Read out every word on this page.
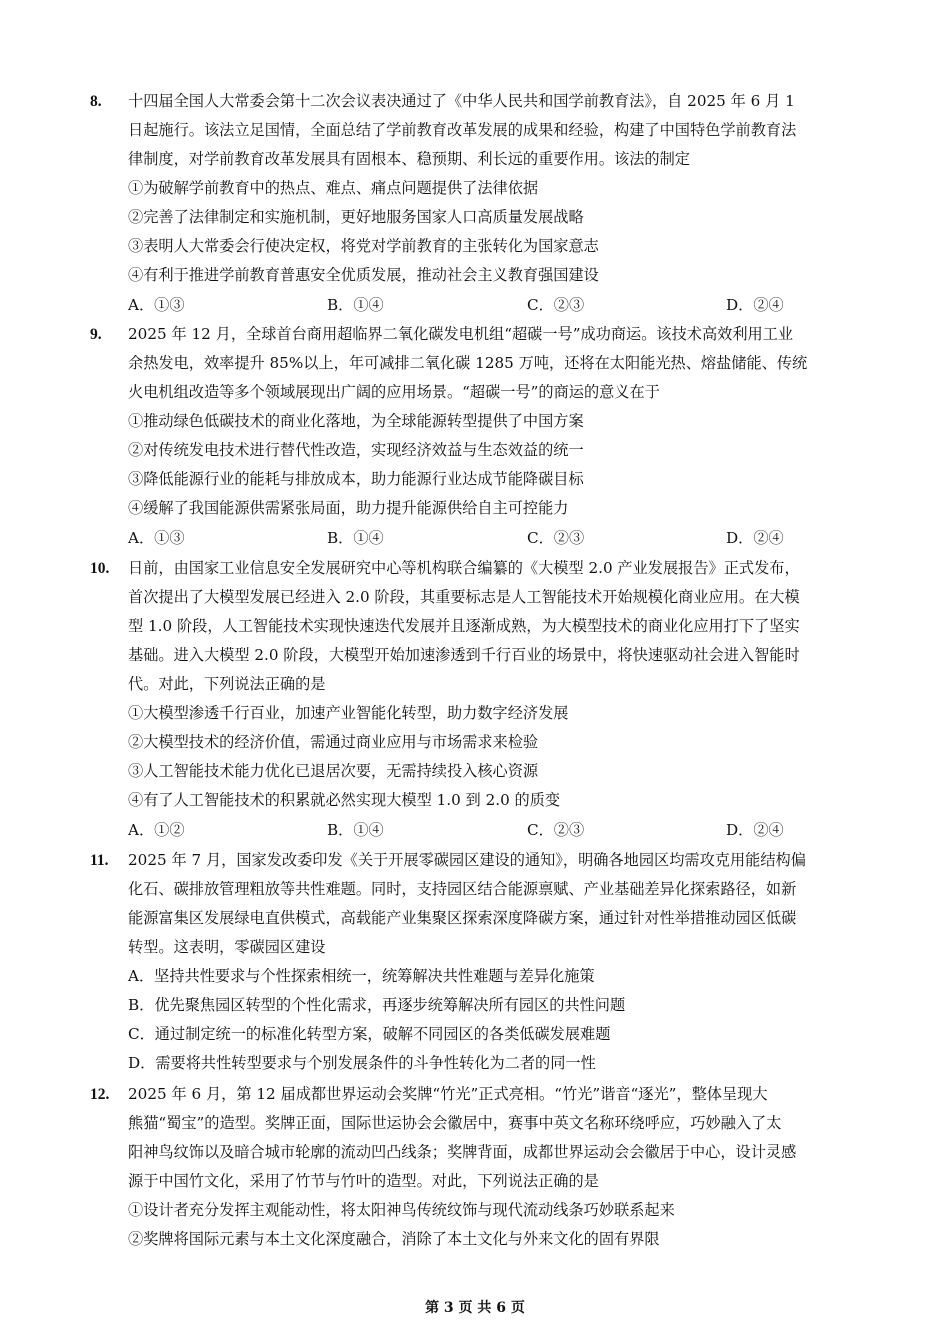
8. 十四届全国人大常委会第十二次会议表决通过了《中华人民共和国学前教育法》，自 2025 年 6 月 1
日起施行。该法立足国情，全面总结了学前教育改革发展的成果和经验，构建了中国特色学前教育法
律制度，对学前教育改革发展具有固根本、稳预期、利长远的重要作用。该法的制定
①为破解学前教育中的热点、难点、痛点问题提供了法律依据
②完善了法律制定和实施机制，更好地服务国家人口高质量发展战略
③表明人大常委会行使决定权，将党对学前教育的主张转化为国家意志
④有利于推进学前教育普惠安全优质发展，推动社会主义教育强国建设
A．①③	B．①④	C．②③	D．②④
9. 2025 年 12 月，全球首台商用超临界二氧化碳发电机组“超碳一号”成功商运。该技术高效利用工业
余热发电，效率提升 85%以上，年可减排二氧化碳 1285 万吨，还将在太阳能光热、熔盐储能、传统
火电机组改造等多个领域展现出广阔的应用场景。“超碳一号”的商运的意义在于
①推动绿色低碳技术的商业化落地，为全球能源转型提供了中国方案
②对传统发电技术进行替代性改造，实现经济效益与生态效益的统一
③降低能源行业的能耗与排放成本，助力能源行业达成节能降碳目标
④缓解了我国能源供需紧张局面，助力提升能源供给自主可控能力
A．①③	B．①④	C．②③	D．②④
10. 日前，由国家工业信息安全发展研究中心等机构联合编纂的《大模型 2.0 产业发展报告》正式发布，
首次提出了大模型发展已经进入 2.0 阶段，其重要标志是人工智能技术开始规模化商业应用。在大模
型 1.0 阶段，人工智能技术实现快速迭代发展并且逐渐成熟，为大模型技术的商业化应用打下了坚实
基础。进入大模型 2.0 阶段，大模型开始加速渗透到千行百业的场景中，将快速驱动社会进入智能时
代。对此，下列说法正确的是
①大模型渗透千行百业，加速产业智能化转型，助力数字经济发展
②大模型技术的经济价值，需通过商业应用与市场需求来检验
③人工智能技术能力优化已退居次要，无需持续投入核心资源
④有了人工智能技术的积累就必然实现大模型 1.0 到 2.0 的质变
A．①②	B．①④	C．②③	D．②④
11. 2025 年 7 月，国家发改委印发《关于开展零碳园区建设的通知》，明确各地园区均需攻克用能结构偏
化石、碳排放管理粗放等共性难题。同时，支持园区结合能源禀赋、产业基础差异化探索路径，如新
能源富集区发展绿电直供模式，高载能产业集聚区探索深度降碳方案，通过针对性举措推动园区低碳
转型。这表明，零碳园区建设
A．坚持共性要求与个性探索相统一，统筹解决共性难题与差异化施策
B．优先聚焦园区转型的个性化需求，再逐步统筹解决所有园区的共性问题
C．通过制定统一的标准化转型方案，破解不同园区的各类低碳发展难题
D．需要将共性转型要求与个别发展条件的斗争性转化为二者的同一性
12. 2025 年 6 月，第 12 届成都世界运动会奖牌“竹光”正式亮相。“竹光”谐音“逐光”，整体呈现大
熊猫“蜀宝”的造型。奖牌正面，国际世运协会会徽居中，赛事中英文名称环绕呼应，巧妙融入了太
阳神鸟纹饰以及暗合城市轮廓的流动凹凸线条；奖牌背面，成都世界运动会会徽居于中心，设计灵感
源于中国竹文化，采用了竹节与竹叶的造型。对此，下列说法正确的是
①设计者充分发挥主观能动性，将太阳神鸟传统纹饰与现代流动线条巧妙联系起来
②奖牌将国际元素与本土文化深度融合，消除了本土文化与外来文化的固有界限
第 3 页 共 6 页
